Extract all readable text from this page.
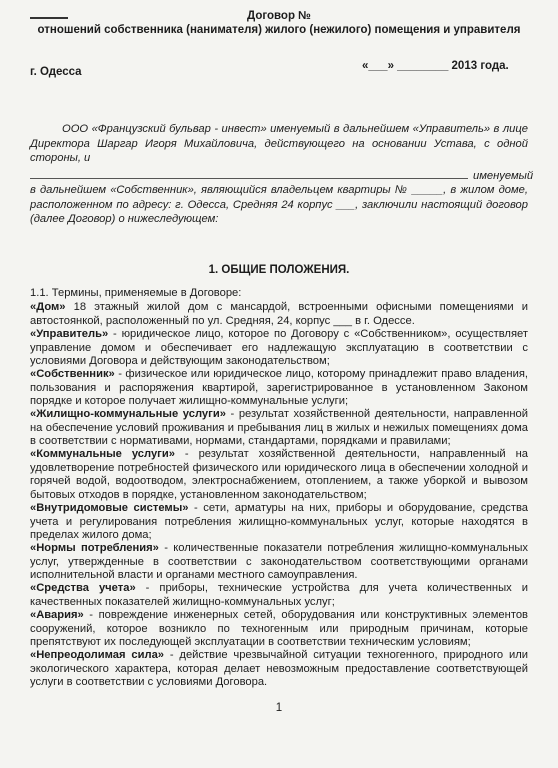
Договор №
отношений собственника (нанимателя) жилого (нежилого) помещения и управителя
г. Одесса	«___» ________ 2013 года.
ООО «Французский бульвар - инвест» именуемый в дальнейшем «Управитель» в лице Директора Шаргар Игоря Михайловича, действующего на основании Устава, с одной стороны, и
именуемый
в дальнейшем «Собственник», являющийся владельцем квартиры № _____, в жилом доме, расположенном по адресу: г. Одесса, Средняя 24 корпус ___, заключили настоящий договор (далее Договор) о нижеследующем:
1. ОБЩИЕ ПОЛОЖЕНИЯ.
1.1. Термины, применяемые в Договоре:
«Дом» 18 этажный жилой дом с мансардой, встроенными офисными помещениями и автостоянкой, расположенный по ул. Средняя, 24, корпус ___ в г. Одессе.
«Управитель» - юридическое лицо, которое по Договору с «Собственником», осуществляет управление домом и обеспечивает его надлежащую эксплуатацию в соответствии с условиями Договора и действующим законодательством;
«Собственник» - физическое или юридическое лицо, которому принадлежит право владения, пользования и распоряжения квартирой, зарегистрированное в установленном Законом порядке и которое получает жилищно-коммунальные услуги;
«Жилищно-коммунальные услуги» - результат хозяйственной деятельности, направленной на обеспечение условий проживания и пребывания лиц в жилых и нежилых помещениях дома в соответствии с нормативами, нормами, стандартами, порядками и правилами;
«Коммунальные услуги» - результат хозяйственной деятельности, направленный на удовлетворение потребностей физического или юридического лица в обеспечении холодной и горячей водой, водоотводом, электроснабжением, отоплением, а также уборкой и вывозом бытовых отходов в порядке, установленном законодательством;
«Внутридомовые системы» - сети, арматуры на них, приборы и оборудование, средства учета и регулирования потребления жилищно-коммунальных услуг, которые находятся в пределах жилого дома;
«Нормы потребления» - количественные показатели потребления жилищно-коммунальных услуг, утвержденные в соответствии с законодательством соответствующими органами исполнительной власти и органами местного самоуправления.
«Средства учета» - приборы, технические устройства для учета количественных и качественных показателей жилищно-коммунальных услуг;
«Авария» - повреждение инженерных сетей, оборудования или конструктивных элементов сооружений, которое возникло по техногенным или природным причинам, которые препятствуют их последующей эксплуатации в соответствии техническим условиям;
«Непреодолимая сила» - действие чрезвычайной ситуации техногенного, природного или экологического характера, которая делает невозможным предоставление соответствующей услуги в соответствии с условиями Договора.
1
